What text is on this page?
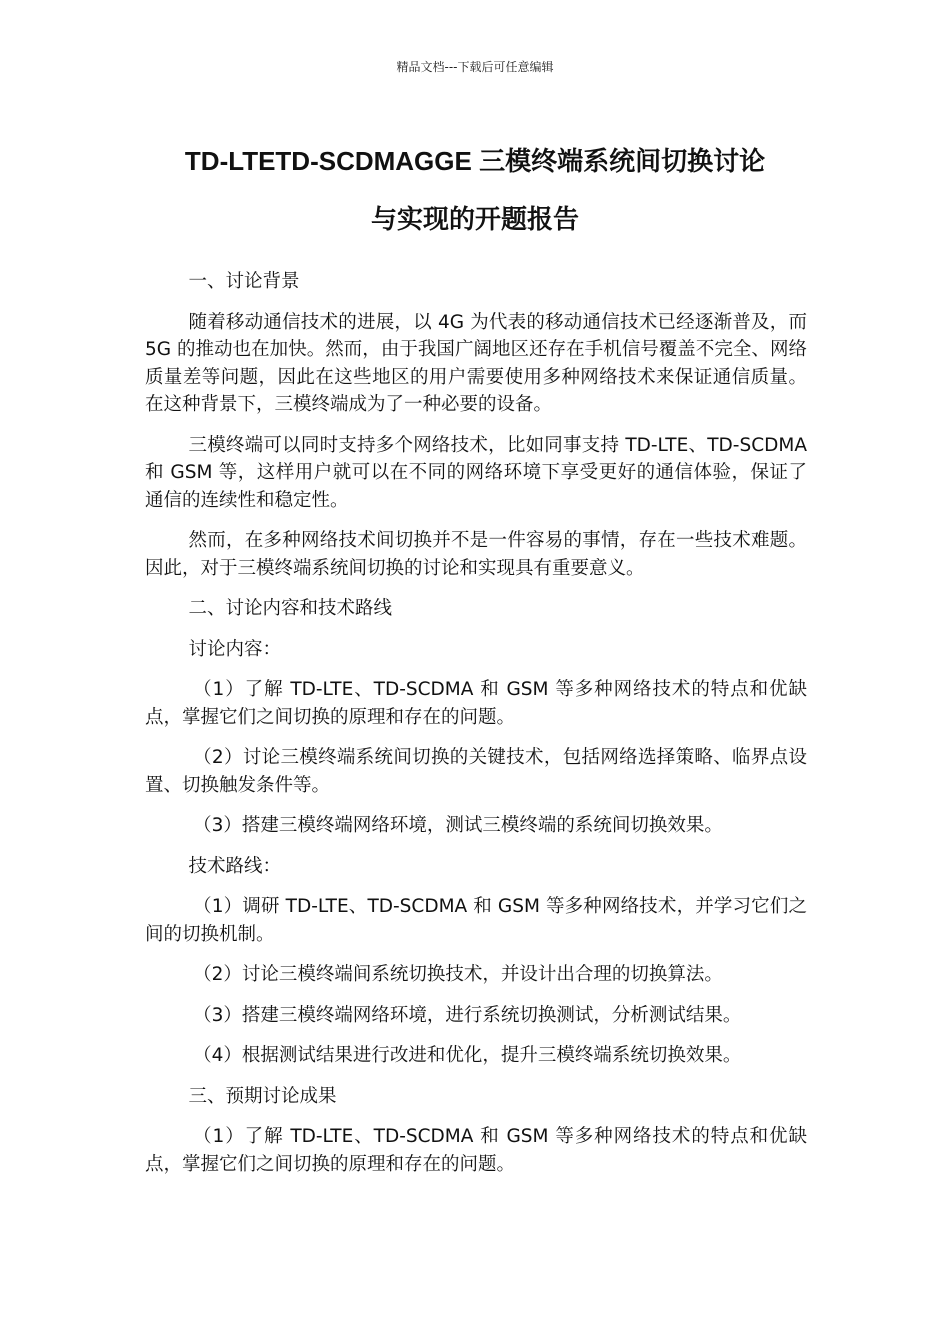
精品文档---下载后可任意编辑
TD-LTETD-SCDMAGGE 三模终端系统间切换讨论
与实现的开题报告

一、讨论背景

随着移动通信技术的进展，以 4G 为代表的移动通信技术已经逐渐普及，而 5G 的推动也在加快。然而，由于我国广阔地区还存在手机信号覆盖不完全、网络质量差等问题，因此在这些地区的用户需要使用多种网络技术来保证通信质量。在这种背景下，三模终端成为了一种必要的设备。

三模终端可以同时支持多个网络技术，比如同事支持 TD-LTE、TD-SCDMA 和 GSM 等，这样用户就可以在不同的网络环境下享受更好的通信体验，保证了通信的连续性和稳定性。

然而，在多种网络技术间切换并不是一件容易的事情，存在一些技术难题。因此，对于三模终端系统间切换的讨论和实现具有重要意义。

二、讨论内容和技术路线

讨论内容：

（1）了解 TD-LTE、TD-SCDMA 和 GSM 等多种网络技术的特点和优缺点，掌握它们之间切换的原理和存在的问题。

（2）讨论三模终端系统间切换的关键技术，包括网络选择策略、临界点设置、切换触发条件等。

（3）搭建三模终端网络环境，测试三模终端的系统间切换效果。

技术路线：

（1）调研 TD-LTE、TD-SCDMA 和 GSM 等多种网络技术，并学习它们之间的切换机制。

（2）讨论三模终端间系统切换技术，并设计出合理的切换算法。

（3）搭建三模终端网络环境，进行系统切换测试，分析测试结果。

（4）根据测试结果进行改进和优化，提升三模终端系统切换效果。

三、预期讨论成果

（1）了解 TD-LTE、TD-SCDMA 和 GSM 等多种网络技术的特点和优缺点，掌握它们之间切换的原理和存在的问题。
